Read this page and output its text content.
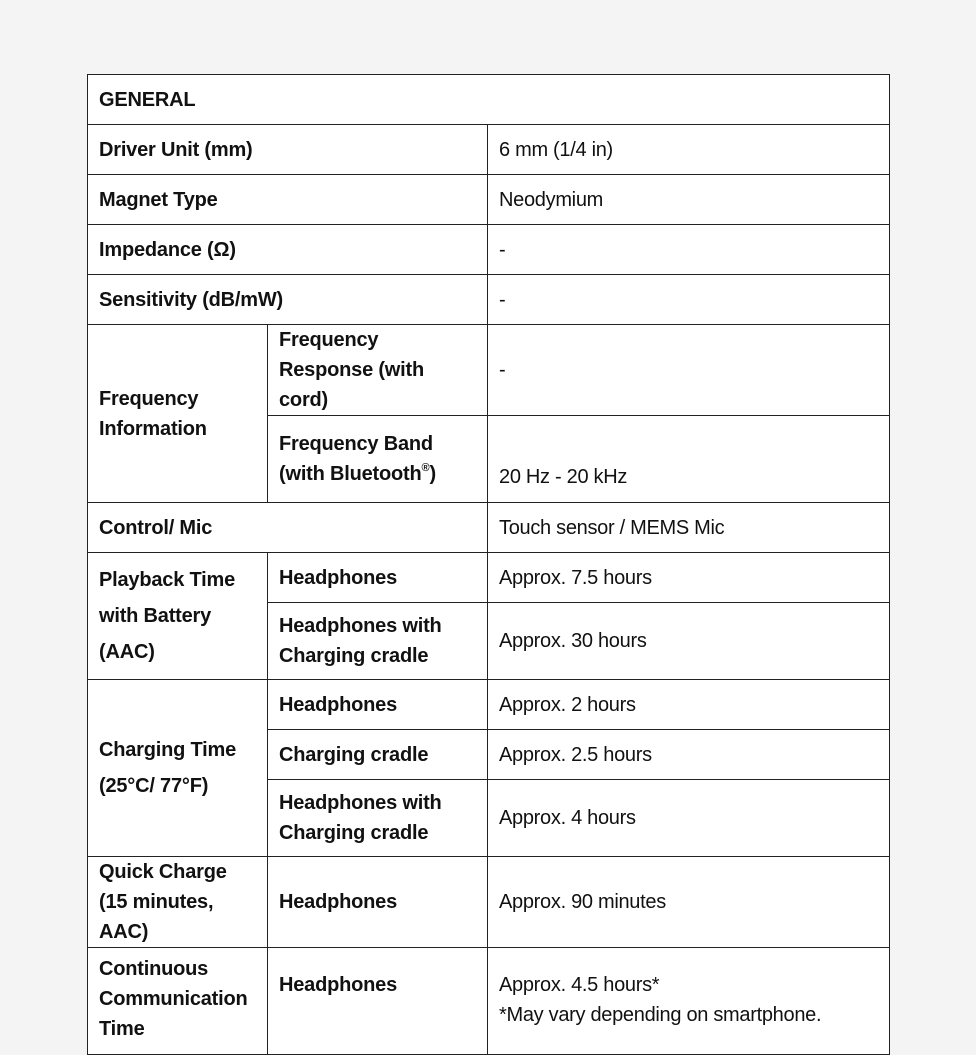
GENERAL		
Driver Unit (mm)		6 mm (1/4 in)
Magnet Type		Neodymium
Impedance (Ω)		-
Sensitivity (dB/mW)		-
Frequency Information	Frequency Response (with cord)	-
	Frequency Band (with Bluetooth®)	20 Hz - 20 kHz
Control/ Mic		Touch sensor / MEMS Mic
Playback Time with Battery (AAC)	Headphones	Approx. 7.5 hours
	Headphones with Charging cradle	Approx. 30 hours
Charging Time (25°C/ 77°F)	Headphones	Approx. 2 hours
	Charging cradle	Approx. 2.5 hours
	Headphones with Charging cradle	Approx. 4 hours
Quick Charge (15 minutes, AAC)	Headphones	Approx. 90 minutes
Continuous Communication Time	Headphones	Approx. 4.5 hours*
*May vary depending on smartphone.
